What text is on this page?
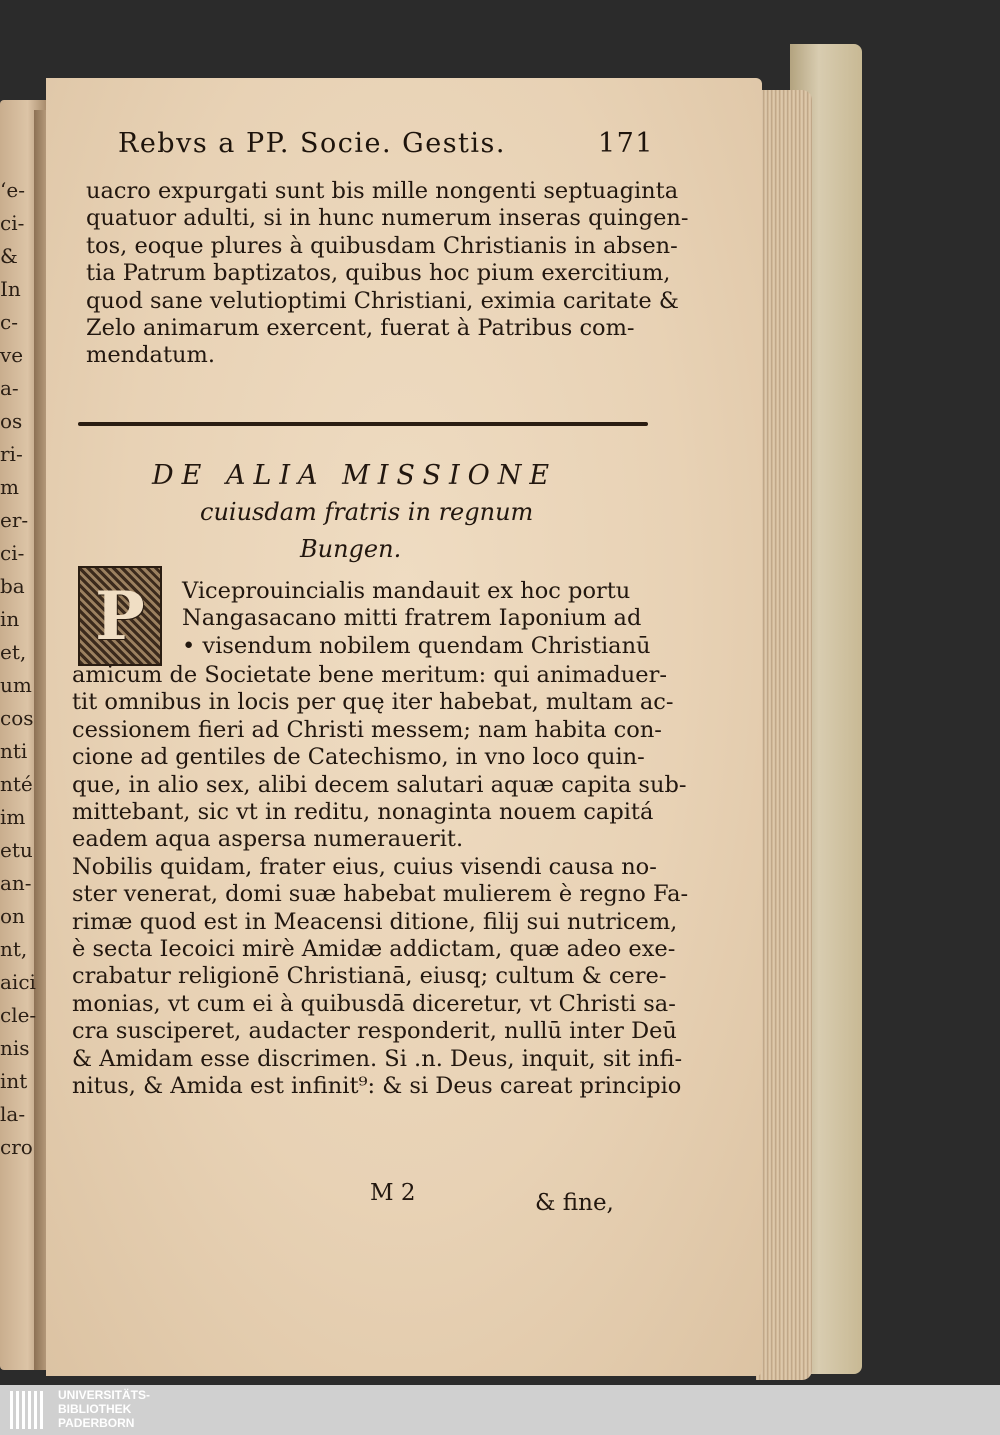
‘e-
ci-
&
In
c-
ve
a-
os
ri-
m
er-
ci-
ba
in
et,
um
cos
nti
nté
im
etu
an-
on
nt,
aici
cle-
nis
int
la-
cro
Rebvs a PP. Socie. Gestis.	171
uacro expurgati sunt bis mille nongenti septuaginta
quatuor adulti, si in hunc numerum inseras quingen-
tos, eoque plures à quibusdam Christianis in absen-
tia Patrum baptizatos, quibus hoc pium exercitium,
quod sane velutioptimi Christiani, eximia caritate &
Zelo animarum exercent, fuerat à Patribus com-
mendatum.
DE ALIA MISSIONE
cuiusdam fratris in regnum
Bungen.
P	Viceprouincialis mandauit ex hoc portu
Nangasacano mitti fratrem Iaponium ad
• visendum nobilem quendam Christianū
amicum de Societate bene meritum: qui animaduer-
tit omnibus in locis per quę iter habebat, multam ac-
cessionem fieri ad Christi messem; nam habita con-
cione ad gentiles de Catechismo, in vno loco quin-
que, in alio sex, alibi decem salutari aquæ capita sub-
mittebant, sic vt in reditu, nonaginta nouem capitá
eadem aqua aspersa numerauerit.
Nobilis quidam, frater eius, cuius visendi causa no-
ster venerat, domi suæ habebat mulierem è regno Fa-
rimæ quod est in Meacensi ditione, filij sui nutricem,
è secta Iecoici mirè Amidæ addictam, quæ adeo exe-
crabatur religionē Christianā, eiusq; cultum & cere-
monias, vt cum ei à quibusdā diceretur, vt Christi sa-
cra susciperet, audacter responderit, nullū inter Deū
& Amidam esse discrimen. Si .n. Deus, inquit, sit infi-
nitus, & Amida est infinit⁹: & si Deus careat principio
M 2	& fine,
UNIVERSITÄTS-
BIBLIOTHEK
PADERBORN
